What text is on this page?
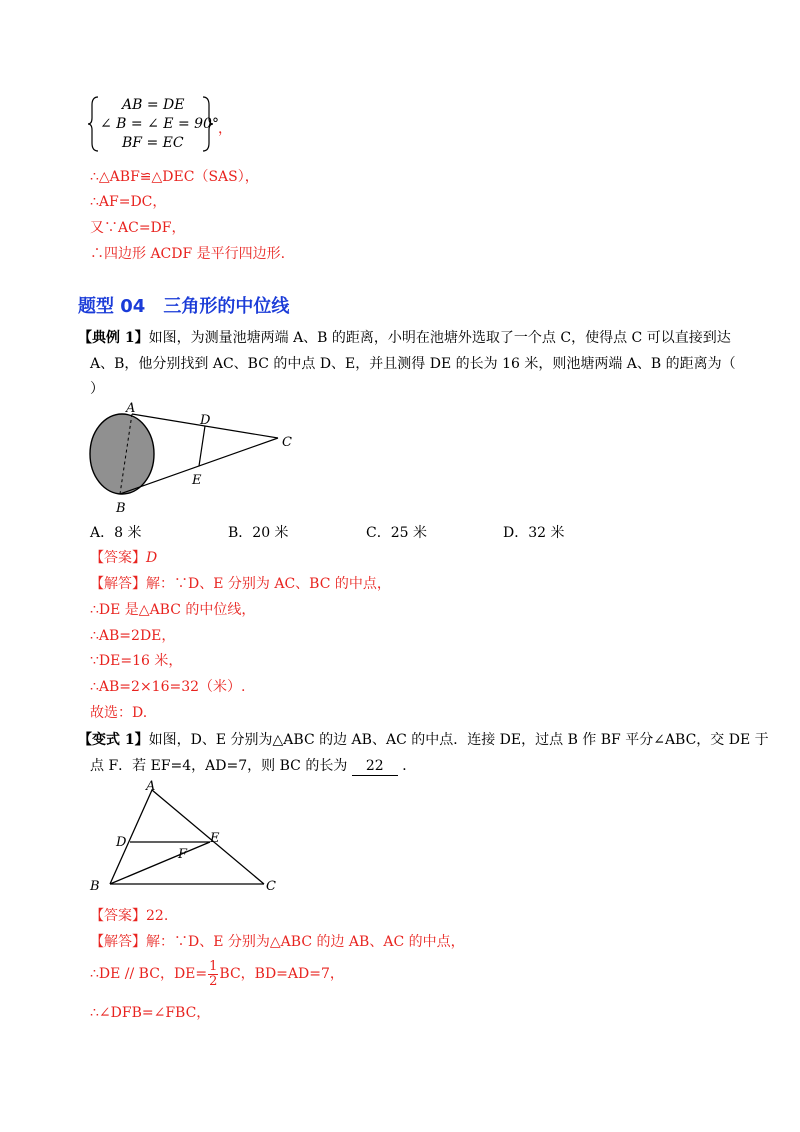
AB = DE
∠ B = ∠ E = 90°
BF = EC
，
∴△ABF≌△DEC（SAS），
∴AF=DC，
又∵AC=DF，
∴四边形 ACDF 是平行四边形.
题型 04　三角形的中位线
【典例 1】如图，为测量池塘两端 A、B 的距离，小明在池塘外选取了一个点 C，使得点 C 可以直接到达
A、B，他分别找到 AC、BC 的中点 D、E，并且测得 DE 的长为 16 米，则池塘两端 A、B 的距离为（
）
A
B
C
D
E
A．8 米	B．20 米	C．25 米	D．32 米
【答案】D
【解答】解：∵D、E 分别为 AC、BC 的中点，
∴DE 是△ABC 的中位线，
∴AB=2DE，
∵DE=16 米，
∴AB=2×16=32（米）.
故选：D.
【变式 1】如图，D、E 分别为△ABC 的边 AB、AC 的中点．连接 DE，过点 B 作 BF 平分∠ABC，交 DE 于
点 F．若 EF=4，AD=7，则 BC 的长为 22 ．
A
B	C
D	E
F
【答案】22.
【解答】解：∵D、E 分别为△ABC 的边 AB、AC 的中点，
∴DE // BC，$DE= \frac{1}{2}$ BC，BD=AD=7，
∴∠DFB=∠FBC，
